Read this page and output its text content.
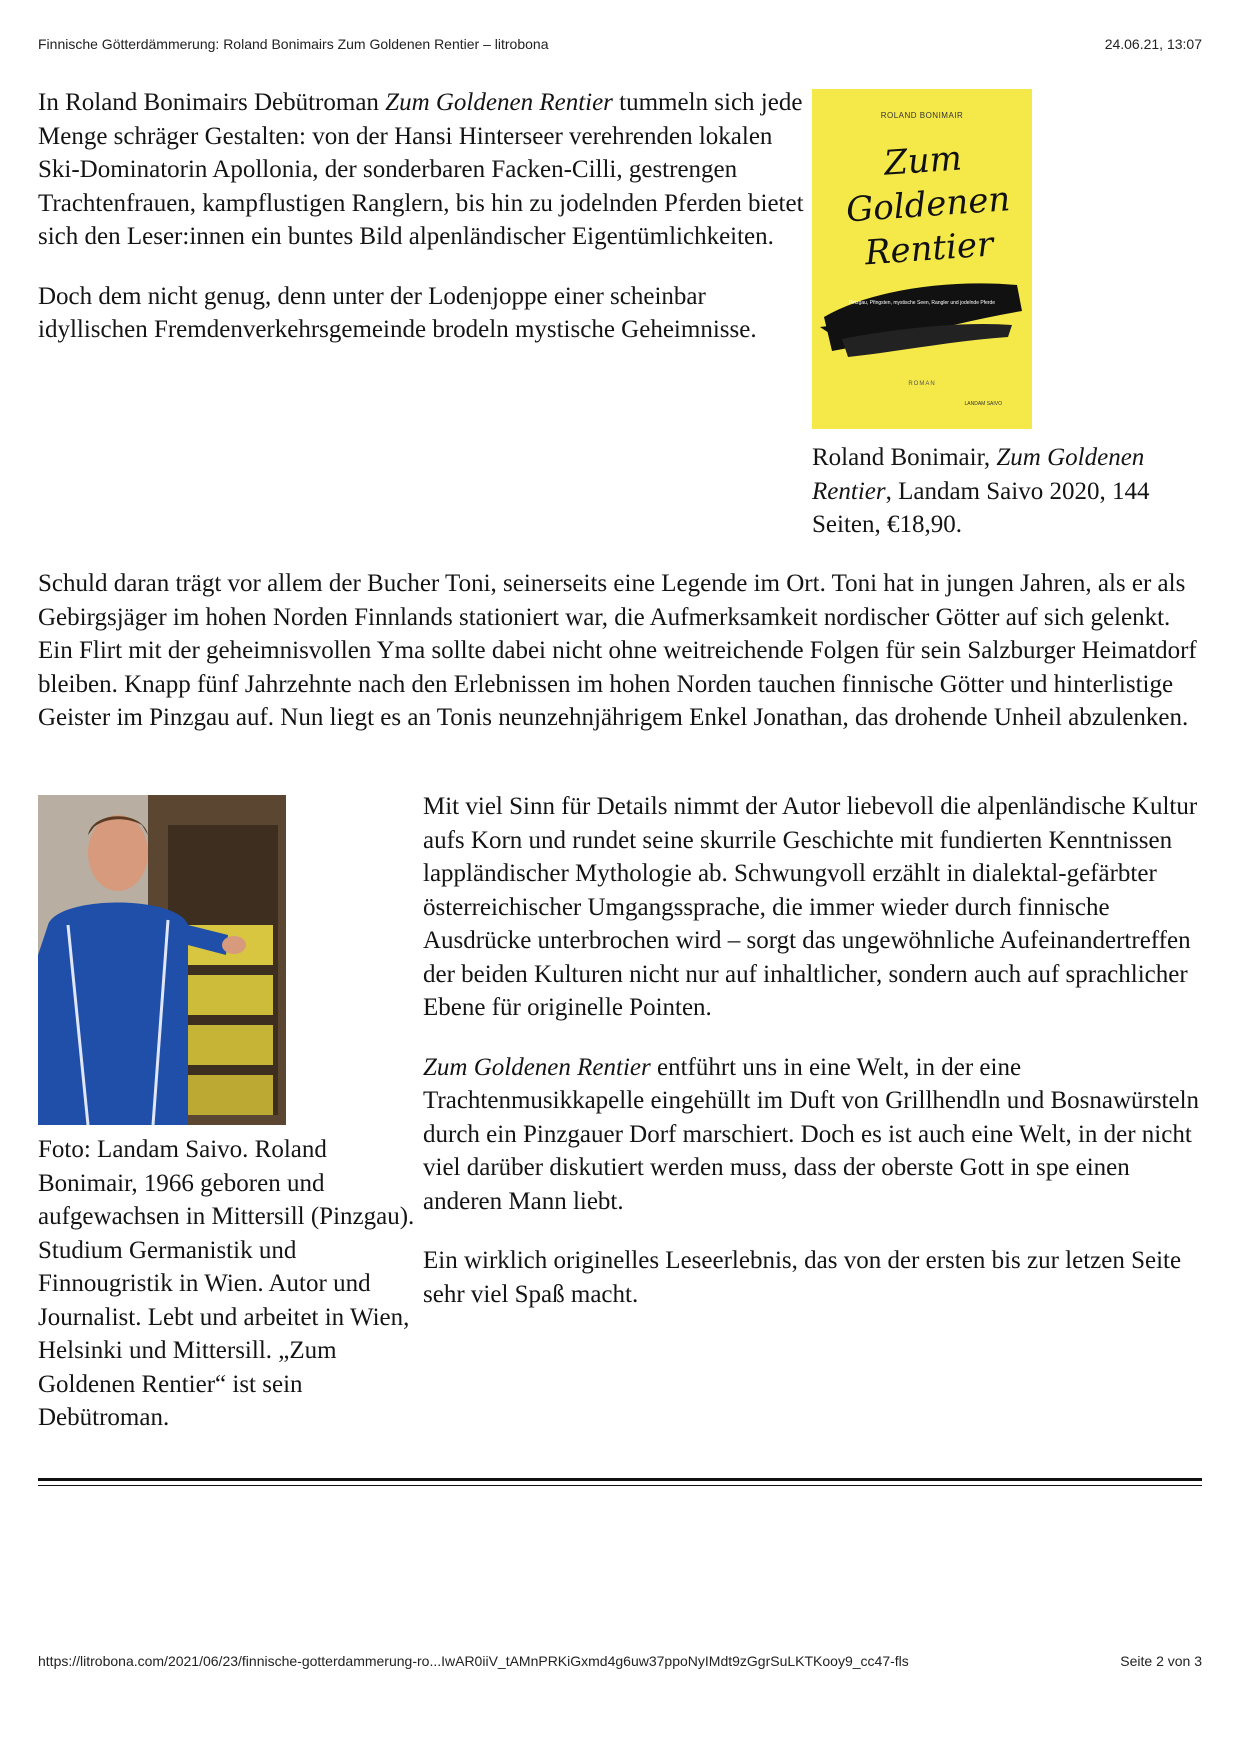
Finnische Götterdämmerung: Roland Bonimairs Zum Goldenen Rentier – litrobona	24.06.21, 13:07

In Roland Bonimairs Debütroman Zum Goldenen Rentier tummeln sich jede Menge schräger Gestalten: von der Hansi Hinterseer verehrenden lokalen Ski-Dominatorin Apollonia, der sonderbaren Facken-Cilli, gestrengen Trachtenfrauen, kampflustigen Ranglern, bis hin zu jodelnden Pferden bietet sich den Leser:innen ein buntes Bild alpenländischer Eigentümlichkeiten.

Doch dem nicht genug, denn unter der Lodenjoppe einer scheinbar idyllischen Fremdenverkehrsgemeinde brodeln mystische Geheimnisse.

ROLAND BONIMAIR
Zum Goldenen Rentier
Pinzgau, Pfingsten, mystische Seen, Rangler und jodelnde Pferde
ROMAN
LANDAM SAIVO

Roland Bonimair, Zum Goldenen Rentier, Landam Saivo 2020, 144 Seiten, €18,90.

Schuld daran trägt vor allem der Bucher Toni, seinerseits eine Legende im Ort. Toni hat in jungen Jahren, als er als Gebirgsjäger im hohen Norden Finnlands stationiert war, die Aufmerksamkeit nordischer Götter auf sich gelenkt. Ein Flirt mit der geheimnisvollen Yma sollte dabei nicht ohne weitreichende Folgen für sein Salzburger Heimatdorf bleiben. Knapp fünf Jahrzehnte nach den Erlebnissen im hohen Norden tauchen finnische Götter und hinterlistige Geister im Pinzgau auf. Nun liegt es an Tonis neunzehnjährigem Enkel Jonathan, das drohende Unheil abzulenken.

Foto: Landam Saivo. Roland Bonimair, 1966 geboren und aufgewachsen in Mittersill (Pinzgau). Studium Germanistik und Finnougristik in Wien. Autor und Journalist. Lebt und arbeitet in Wien, Helsinki und Mittersill. „Zum Goldenen Rentier“ ist sein Debütroman.

Mit viel Sinn für Details nimmt der Autor liebevoll die alpenländische Kultur aufs Korn und rundet seine skurrile Geschichte mit fundierten Kenntnissen lappländischer Mythologie ab. Schwungvoll erzählt in dialektal-gefärbter österreichischer Umgangssprache, die immer wieder durch finnische Ausdrücke unterbrochen wird – sorgt das ungewöhnliche Aufeinandertreffen der beiden Kulturen nicht nur auf inhaltlicher, sondern auch auf sprachlicher Ebene für originelle Pointen.

Zum Goldenen Rentier entführt uns in eine Welt, in der eine Trachtenmusikkapelle eingehüllt im Duft von Grillhendln und Bosnawürsteln durch ein Pinzgauer Dorf marschiert. Doch es ist auch eine Welt, in der nicht viel darüber diskutiert werden muss, dass der oberste Gott in spe einen anderen Mann liebt.

Ein wirklich originelles Leseerlebnis, das von der ersten bis zur letzen Seite sehr viel Spaß macht.

https://litrobona.com/2021/06/23/finnische-gotterdammerung-ro...IwAR0iiV_tAMnPRKiGxmd4g6uw37ppoNyIMdt9zGgrSuLKTKooy9_cc47-fls	Seite 2 von 3
